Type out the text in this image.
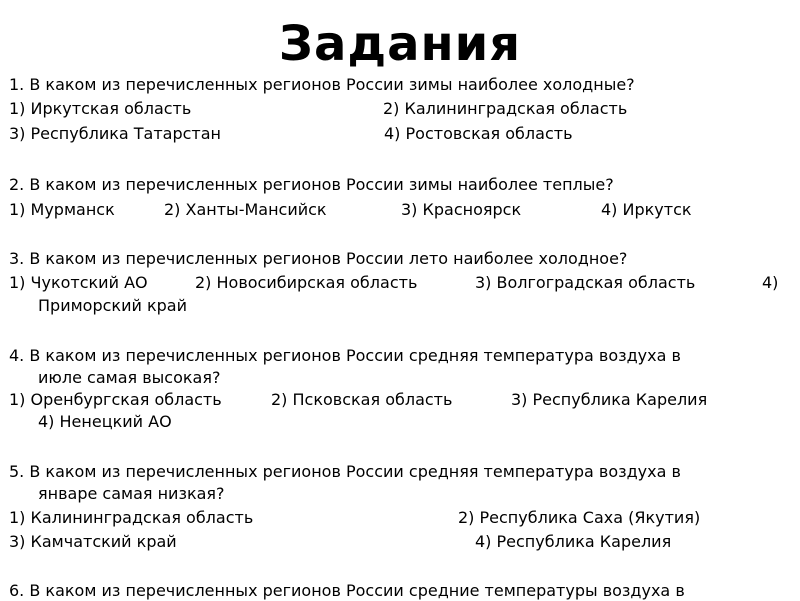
Задания
1. В каком из перечисленных регионов России зимы наиболее холодные?
1) Иркутская область	2) Калининградская область
3) Республика Татарстан	4) Ростовская область
2. В каком из перечисленных регионов России зимы наиболее теплые?
1) Мурманск	2) Ханты-Мансийск	3) Красноярск	4) Иркутск
3. В каком из перечисленных регионов России лето наиболее холодное?
1) Чукотский АО	2) Новосибирская область	3) Волгоградская область	4)
Приморский край
4. В каком из перечисленных регионов России средняя температура воздуха в
июле самая высокая?
1) Оренбургская область	2) Псковская область	3) Республика Карелия
4) Ненецкий АО
5. В каком из перечисленных регионов России средняя температура воздуха в
январе самая низкая?
1) Калининградская область	2) Республика Саха (Якутия)
3) Камчатский край	4) Республика Карелия
6. В каком из перечисленных регионов России средние температуры воздуха в
